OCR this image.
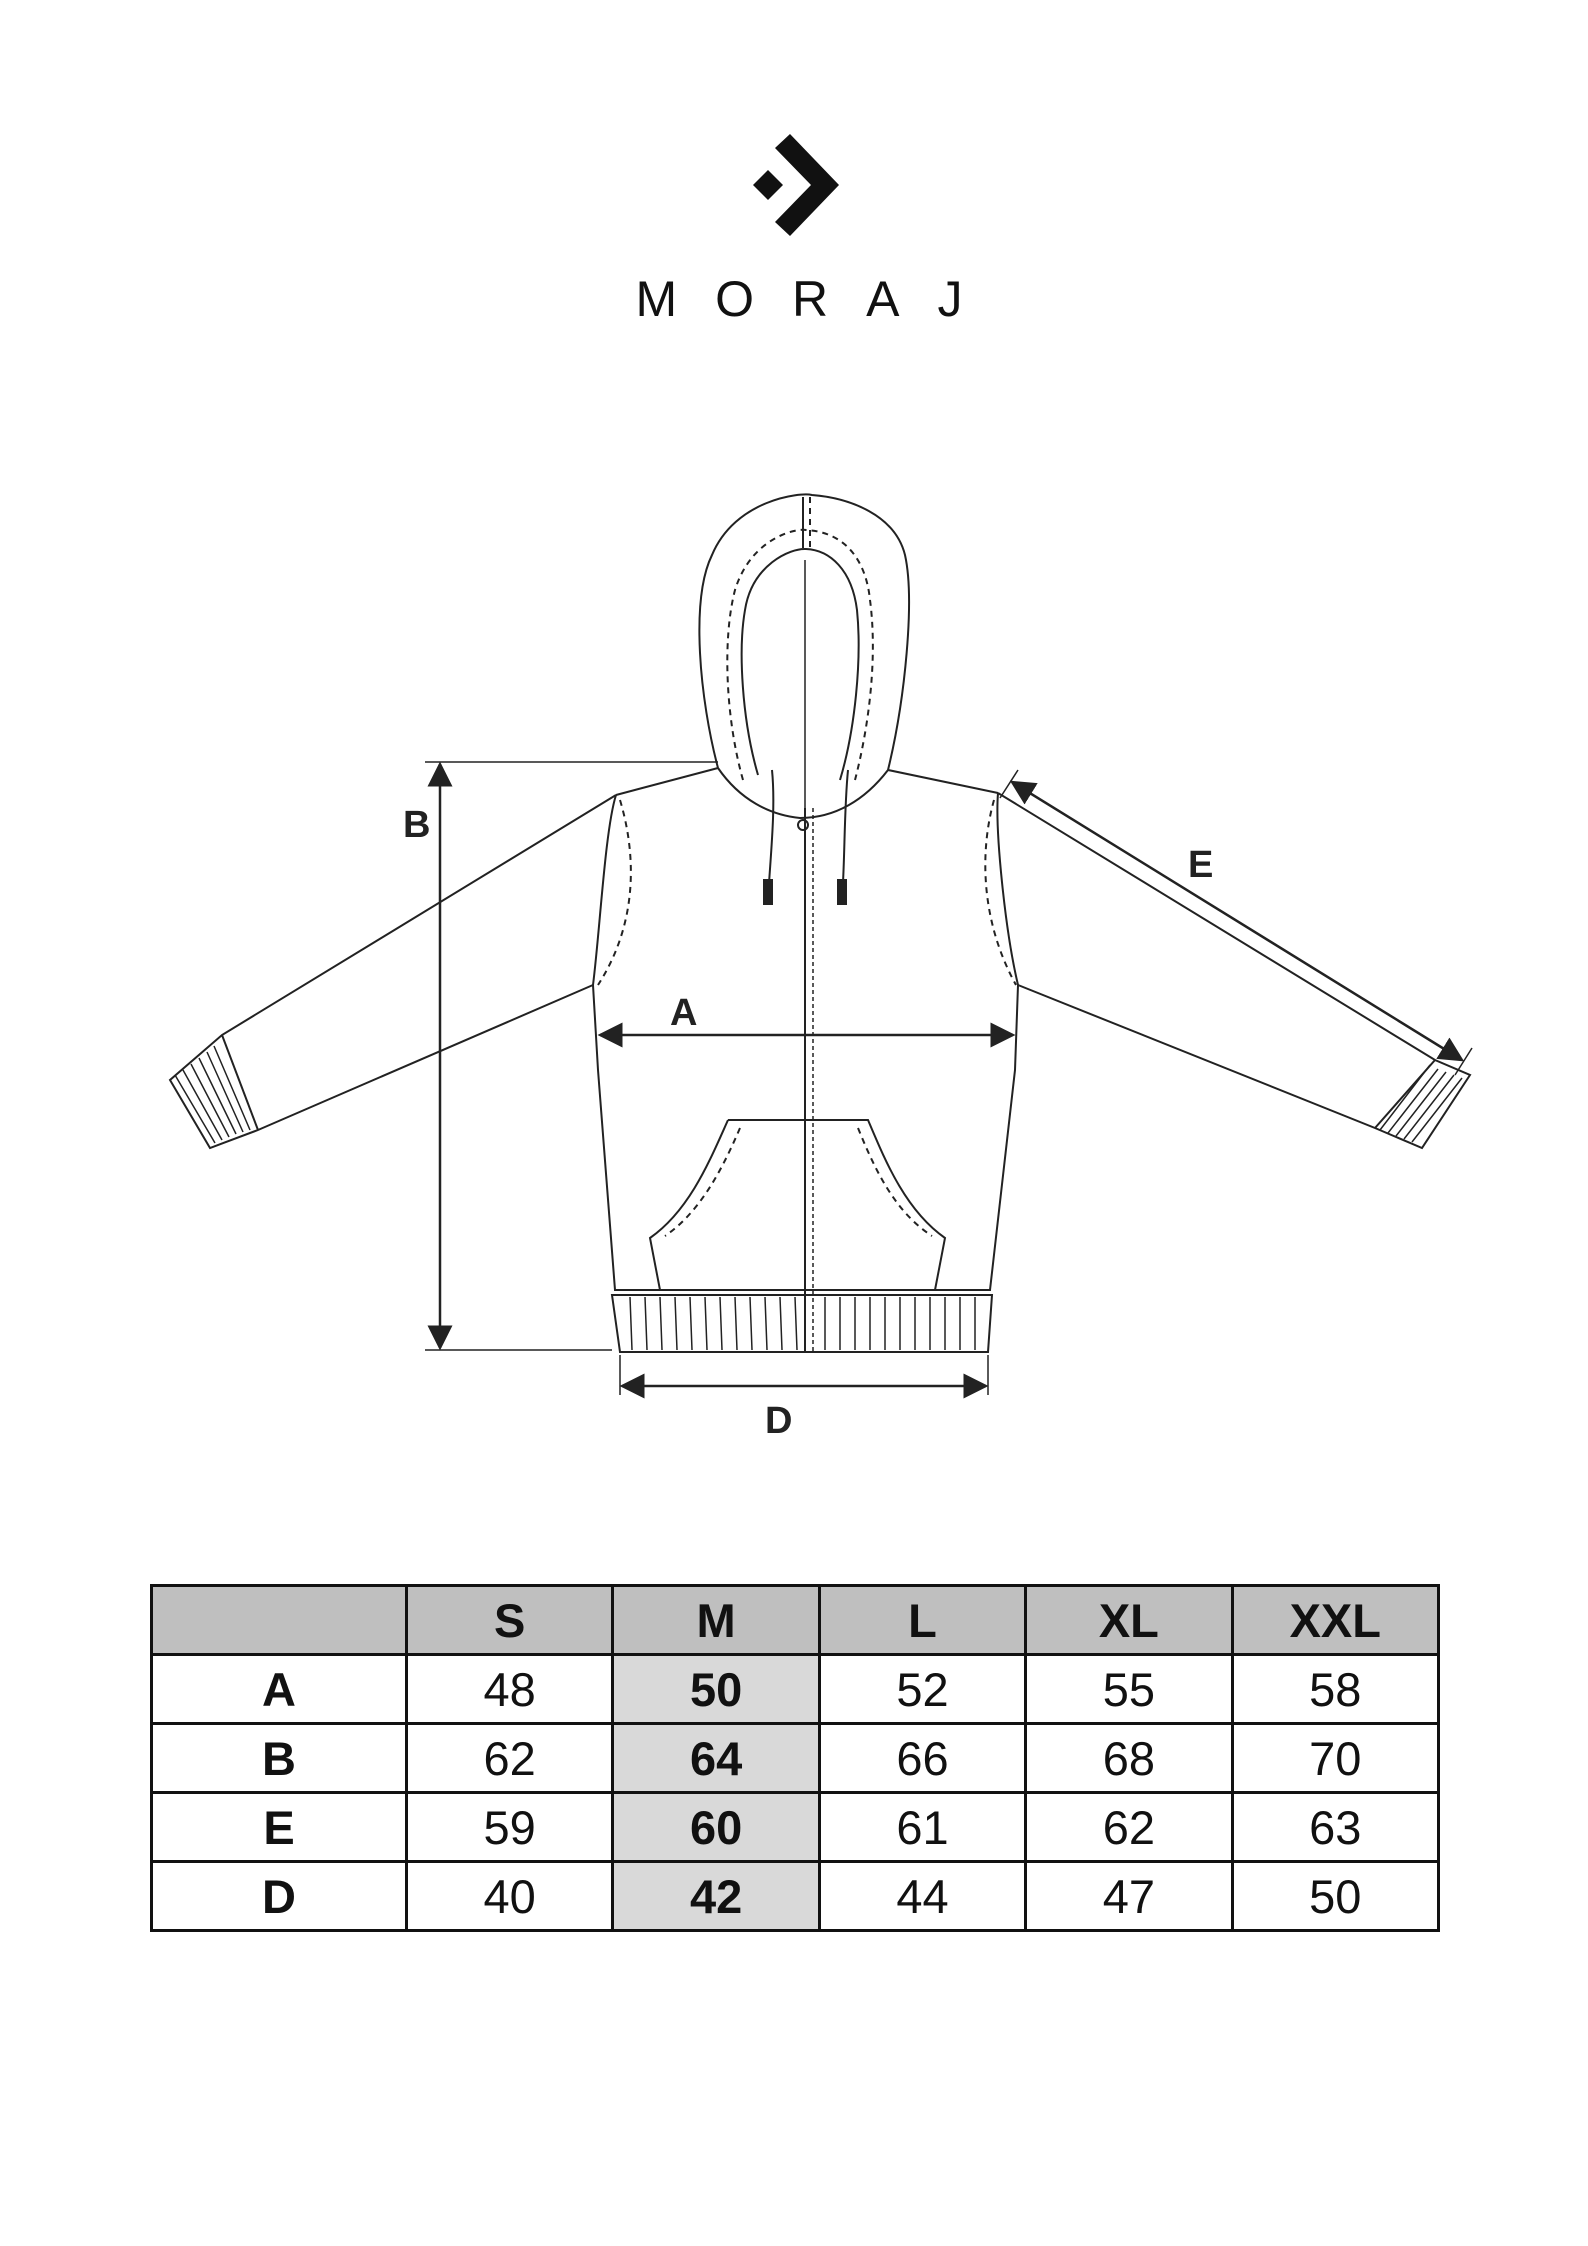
MORAJ
A
B
D
E
	S	M	L	XL	XXL
A	48	50	52	55	58
B	62	64	66	68	70
E	59	60	61	62	63
D	40	42	44	47	50
